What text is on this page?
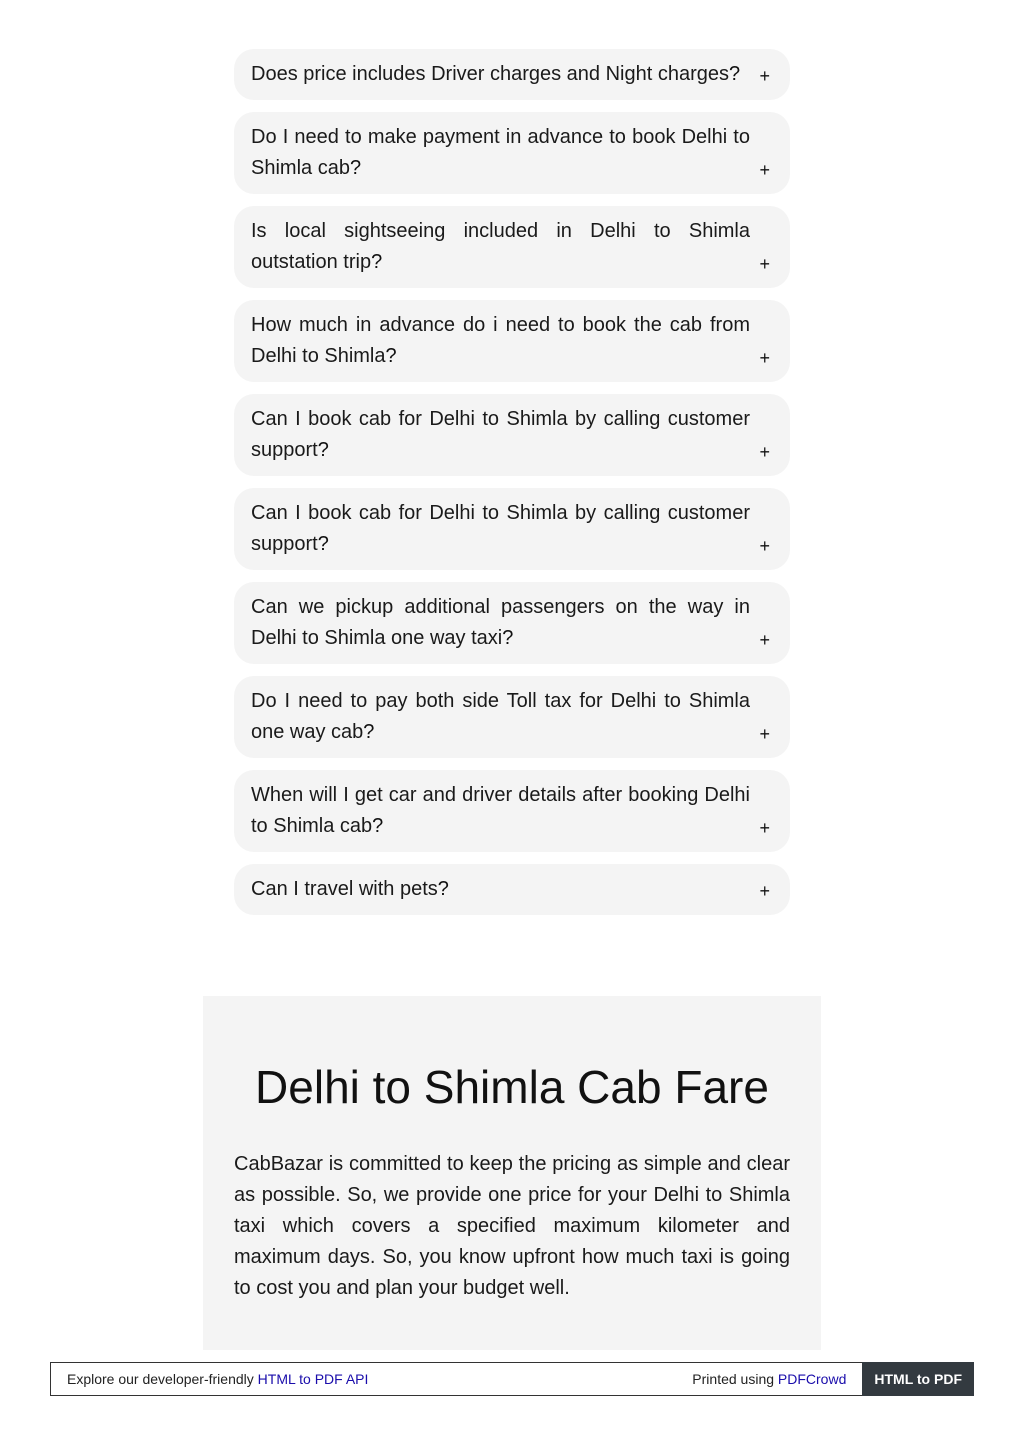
Does price includes Driver charges and Night charges? +
Do I need to make payment in advance to book Delhi to Shimla cab?	+
Is local sightseeing included in Delhi to Shimla outstation trip?	+
How much in advance do i need to book the cab from Delhi to Shimla?	+
Can I book cab for Delhi to Shimla by calling customer support?	+
Can I book cab for Delhi to Shimla by calling customer support?	+
Can we pickup additional passengers on the way in Delhi to Shimla one way taxi?	+
Do I need to pay both side Toll tax for Delhi to Shimla one way cab?	+
When will I get car and driver details after booking Delhi to Shimla cab?	+
Can I travel with pets?	+
Delhi to Shimla Cab Fare

CabBazar is committed to keep the pricing as simple and clear as possible. So, we provide one price for your Delhi to Shimla taxi which covers a specified maximum kilometer and maximum days. So, you know upfront how much taxi is going to cost you and plan your budget well.

Explore our developer-friendly HTML to PDF API	Printed using PDFCrowd	HTML to PDF
